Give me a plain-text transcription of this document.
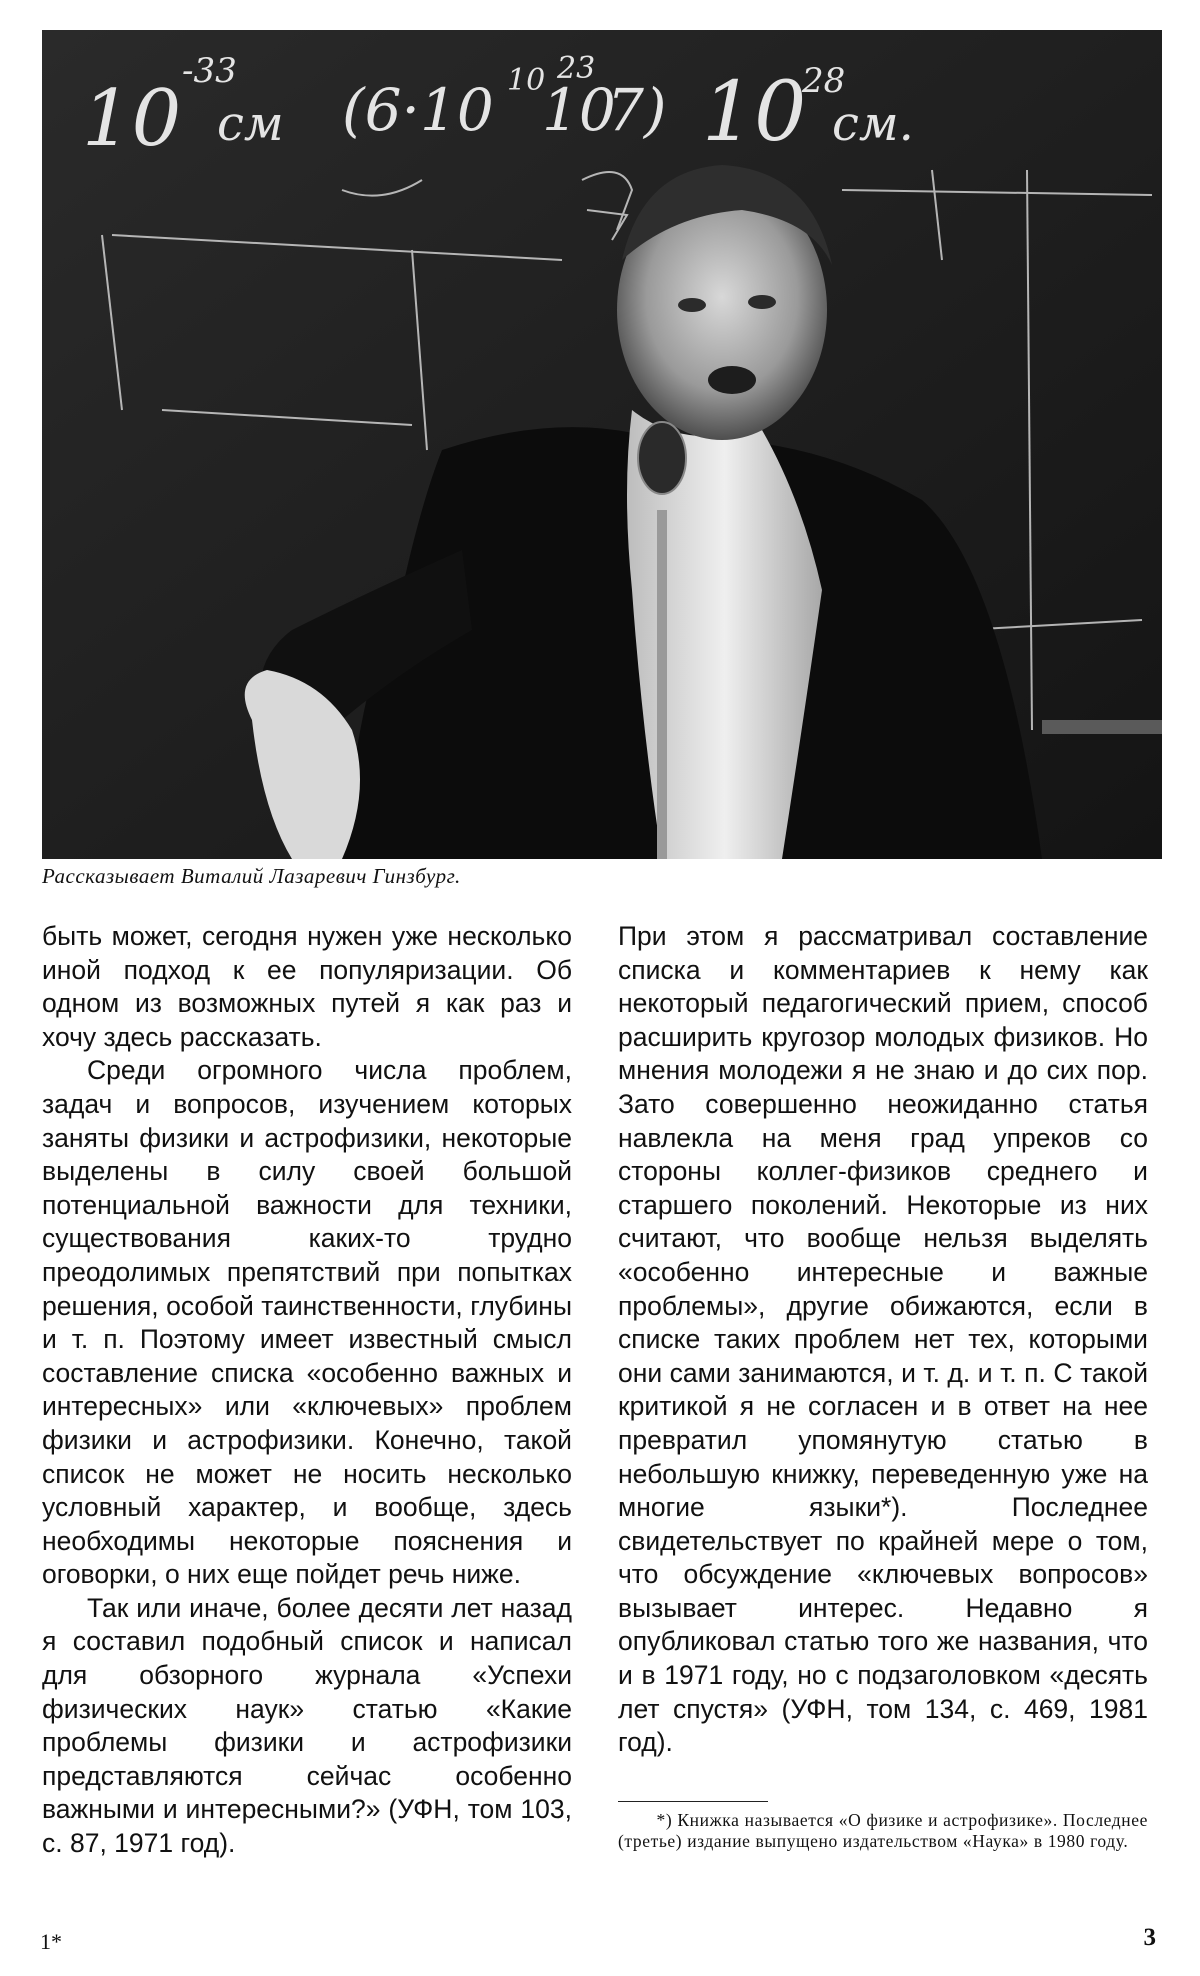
10
-33
см (6·10 10
10
23
7) 10
28
см.
Рассказывает Виталий Лазаревич Гинзбург.

быть может, сегодня нужен уже несколько иной подход к ее популяризации. Об одном из возможных путей я как раз и хочу здесь рассказать.

Среди огромного числа проблем, задач и вопросов, изучением которых заняты физики и астрофизики, некоторые выделены в силу своей большой потенциальной важности для техники, существования каких-то трудно преодолимых препятствий при попытках решения, особой таинственности, глубины и т. п. Поэтому имеет известный смысл составление списка «особенно важных и интересных» или «ключевых» проблем физики и астрофизики. Конечно, такой список не может не носить несколько условный характер, и вообще, здесь необходимы некоторые пояснения и оговорки, о них еще пойдет речь ниже.

Так или иначе, более десяти лет назад я составил подобный список и написал для обзорного журнала «Успехи физических наук» статью «Какие проблемы физики и астрофизики представляются сейчас особенно важными и интересными?» (УФН, том 103, с. 87, 1971 год).

При этом я рассматривал составление списка и комментариев к нему как некоторый педагогический прием, способ расширить кругозор молодых физиков. Но мнения молодежи я не знаю и до сих пор. Зато совершенно неожиданно статья навлекла на меня град упреков со стороны коллег-физиков среднего и старшего поколений. Некоторые из них считают, что вообще нельзя выделять «особенно интересные и важные проблемы», другие обижаются, если в списке таких проблем нет тех, которыми они сами занимаются, и т. д. и т. п. С такой критикой я не согласен и в ответ на нее превратил упомянутую статью в небольшую книжку, переведенную уже на многие языки*). Последнее свидетельствует по крайней мере о том, что обсуждение «ключевых вопросов» вызывает интерес. Недавно я опубликовал статью того же названия, что и в 1971 году, но с подзаголовком «десять лет спустя» (УФН, том 134, с. 469, 1981 год).

*) Книжка называется «О физике и астрофизике». Последнее (третье) издание выпущено издательством «Наука» в 1980 году.

1*	3
